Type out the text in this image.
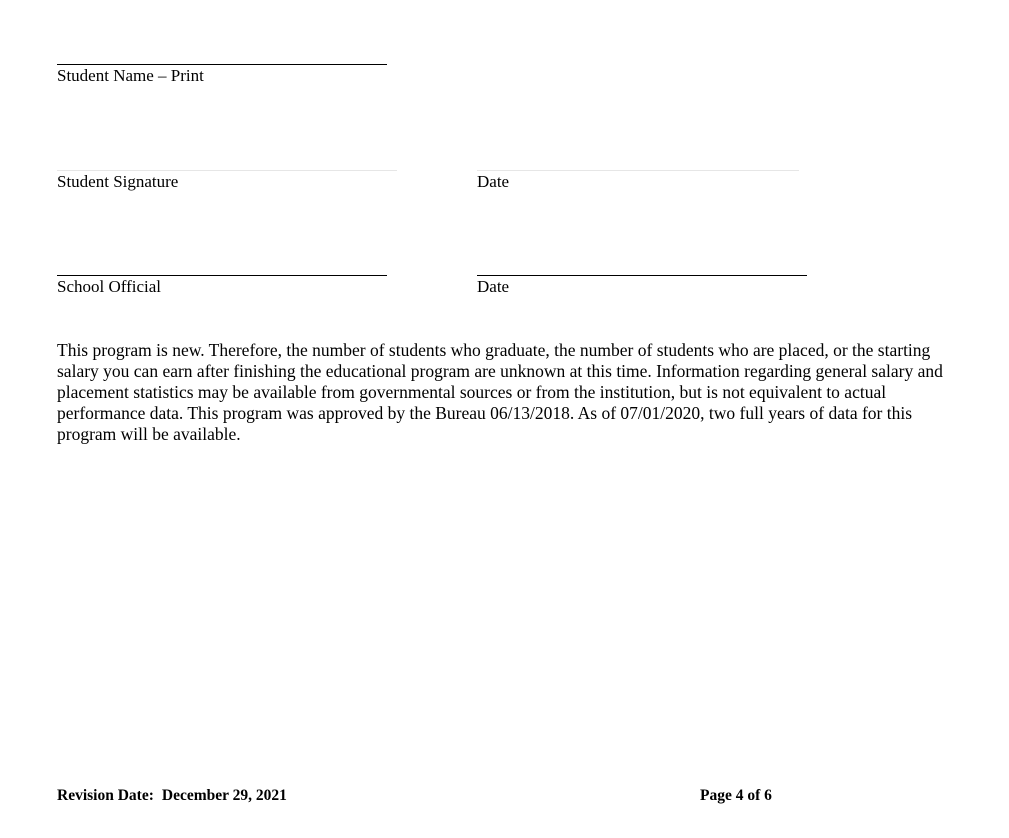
Student Name – Print
Student Signature	Date
School Official	Date

This program is new. Therefore, the number of students who graduate, the number of students who are placed, or the starting salary you can earn after finishing the educational program are unknown at this time. Information regarding general salary and placement statistics may be available from governmental sources or from the institution, but is not equivalent to actual performance data. This program was approved by the Bureau 06/13/2018. As of 07/01/2020, two full years of data for this program will be available.

Revision Date: December 29, 2021	Page 4 of 6
